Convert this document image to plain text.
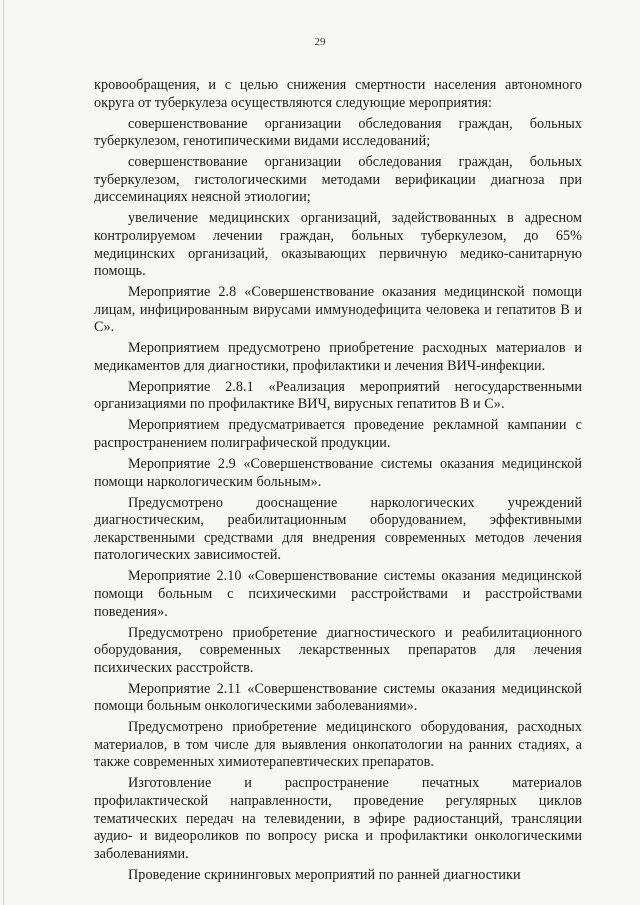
29

кровообращения, и с целью снижения смертности населения автономного округа от туберкулеза осуществляются следующие мероприятия:

совершенствование организации обследования граждан, больных туберкулезом, генотипическими видами исследований;

совершенствование организации обследования граждан, больных туберкулезом, гистологическими методами верификации диагноза при диссеминациях неясной этиологии;

увеличение медицинских организаций, задействованных в адресном контролируемом лечении граждан, больных туберкулезом, до 65% медицинских организаций, оказывающих первичную медико-санитарную помощь.

Мероприятие 2.8 «Совершенствование оказания медицинской помощи лицам, инфицированным вирусами иммунодефицита человека и гепатитов В и С».

Мероприятием предусмотрено приобретение расходных материалов и медикаментов для диагностики, профилактики и лечения ВИЧ-инфекции.

Мероприятие 2.8.1 «Реализация мероприятий негосударственными организациями по профилактике ВИЧ, вирусных гепатитов В и С».

Мероприятием предусматривается проведение рекламной кампании с распространением полиграфической продукции.

Мероприятие 2.9 «Совершенствование системы оказания медицинской помощи наркологическим больным».

Предусмотрено дооснащение наркологических учреждений диагностическим, реабилитационным оборудованием, эффективными лекарственными средствами для внедрения современных методов лечения патологических зависимостей.

Мероприятие 2.10 «Совершенствование системы оказания медицинской помощи больным с психическими расстройствами и расстройствами поведения».

Предусмотрено приобретение диагностического и реабилитационного оборудования, современных лекарственных препаратов для лечения психических расстройств.

Мероприятие 2.11 «Совершенствование системы оказания медицинской помощи больным онкологическими заболеваниями».

Предусмотрено приобретение медицинского оборудования, расходных материалов, в том числе для выявления онкопатологии на ранних стадиях, а также современных химиотерапевтических препаратов.

Изготовление и распространение печатных материалов профилактической направленности, проведение регулярных циклов тематических передач на телевидении, в эфире радиостанций, трансляции аудио- и видеороликов по вопросу риска и профилактики онкологическими заболеваниями.

Проведение скрининговых мероприятий по ранней диагностики
